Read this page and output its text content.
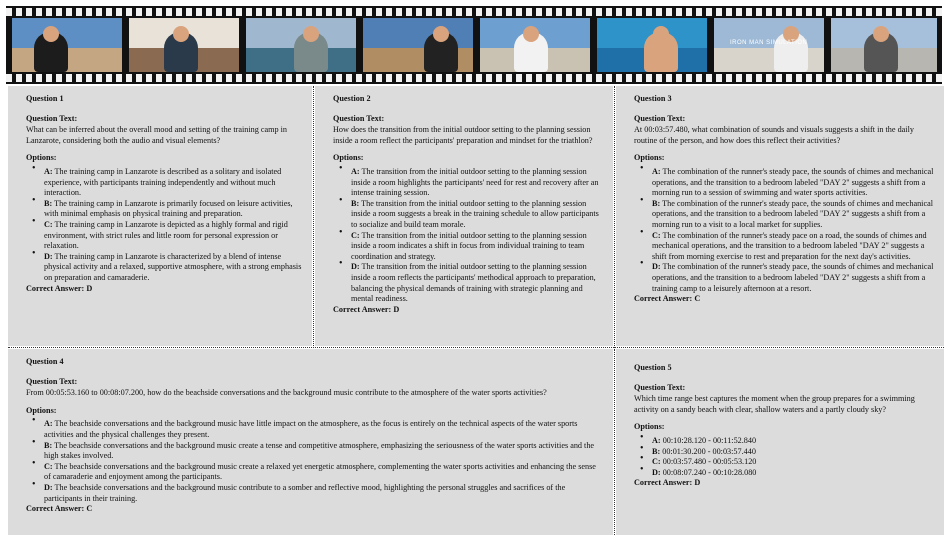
IRON MAN SIMULATION
Question 1
Question Text:
What can be inferred about the overall mood and setting of the training camp in Lanzarote, considering both the audio and visual elements?
Options:
• A: The training camp in Lanzarote is described as a solitary and isolated experience, with participants training independently and without much interaction.
• B: The training camp in Lanzarote is primarily focused on leisure activities, with minimal emphasis on physical training and preparation.
• C: The training camp in Lanzarote is depicted as a highly formal and rigid environment, with strict rules and little room for personal expression or relaxation.
• D: The training camp in Lanzarote is characterized by a blend of intense physical activity and a relaxed, supportive atmosphere, with a strong emphasis on preparation and camaraderie.
Correct Answer: D
Question 2
Question Text:
How does the transition from the initial outdoor setting to the planning session inside a room reflect the participants' preparation and mindset for the triathlon?
Options:
• A: The transition from the initial outdoor setting to the planning session inside a room highlights the participants' need for rest and recovery after an intense training session.
• B: The transition from the initial outdoor setting to the planning session inside a room suggests a break in the training schedule to allow participants to socialize and build team morale.
• C: The transition from the initial outdoor setting to the planning session inside a room indicates a shift in focus from individual training to team coordination and strategy.
• D: The transition from the initial outdoor setting to the planning session inside a room reflects the participants' methodical approach to preparation, balancing the physical demands of training with strategic planning and mental readiness.
Correct Answer: D
Question 3
Question Text:
At 00:03:57.480, what combination of sounds and visuals suggests a shift in the daily routine of the person, and how does this reflect their activities?
Options:
• A: The combination of the runner's steady pace, the sounds of chimes and mechanical operations, and the transition to a bedroom labeled "DAY 2" suggests a shift from a morning run to a session of swimming and water sports activities.
• B: The combination of the runner's steady pace, the sounds of chimes and mechanical operations, and the transition to a bedroom labeled "DAY 2" suggests a shift from a morning run to a visit to a local market for supplies.
• C: The combination of the runner's steady pace on a road, the sounds of chimes and mechanical operations, and the transition to a bedroom labeled "DAY 2" suggests a shift from morning exercise to rest and preparation for the next day's activities.
• D: The combination of the runner's steady pace, the sounds of chimes and mechanical operations, and the transition to a bedroom labeled "DAY 2" suggests a shift from a training camp to a leisurely afternoon at a resort.
Correct Answer: C
Question 4
Question Text:
From 00:05:53.160 to 00:08:07.200, how do the beachside conversations and the background music contribute to the atmosphere of the water sports activities?
Options:
• A: The beachside conversations and the background music have little impact on the atmosphere, as the focus is entirely on the technical aspects of the water sports activities and the physical challenges they present.
• B: The beachside conversations and the background music create a tense and competitive atmosphere, emphasizing the seriousness of the water sports activities and the high stakes involved.
• C: The beachside conversations and the background music create a relaxed yet energetic atmosphere, complementing the water sports activities and enhancing the sense of camaraderie and enjoyment among the participants.
• D: The beachside conversations and the background music contribute to a somber and reflective mood, highlighting the personal struggles and sacrifices of the participants in their training.
Correct Answer: C
Question 5
Question Text:
Which time range best captures the moment when the group prepares for a swimming activity on a sandy beach with clear, shallow waters and a partly cloudy sky?
Options:
• A: 00:10:28.120 - 00:11:52.840
• B: 00:01:30.200 - 00:03:57.440
• C: 00:03:57.480 - 00:05:53.120
• D: 00:08:07.240 - 00:10:28.080
Correct Answer: D
